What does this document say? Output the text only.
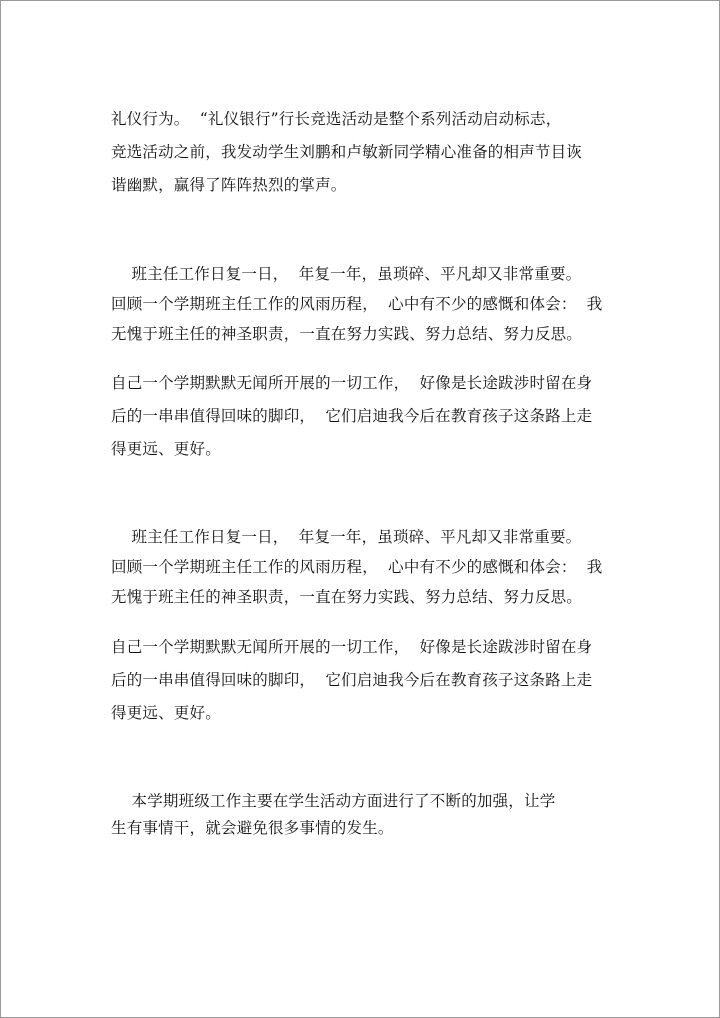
礼仪行为。  “礼仪银行”行长竞选活动是整个系列活动启动标志，
竞选活动之前，我发动学生刘鹏和卢敏新同学精心准备的相声节目诙
谐幽默，赢得了阵阵热烈的掌声。
班主任工作日复一日，  年复一年，虽琐碎、平凡却又非常重要。
回顾一个学期班主任工作的风雨历程，  心中有不少的感慨和体会：  我
无愧于班主任的神圣职责，一直在努力实践、努力总结、努力反思。
自己一个学期默默无闻所开展的一切工作，  好像是长途跋涉时留在身
后的一串串值得回味的脚印，  它们启迪我今后在教育孩子这条路上走
得更远、更好。
班主任工作日复一日，  年复一年，虽琐碎、平凡却又非常重要。
回顾一个学期班主任工作的风雨历程，  心中有不少的感慨和体会：  我
无愧于班主任的神圣职责，一直在努力实践、努力总结、努力反思。
自己一个学期默默无闻所开展的一切工作，  好像是长途跋涉时留在身
后的一串串值得回味的脚印，  它们启迪我今后在教育孩子这条路上走
得更远、更好。
本学期班级工作主要在学生活动方面进行了不断的加强，让学
生有事情干，就会避免很多事情的发生。
